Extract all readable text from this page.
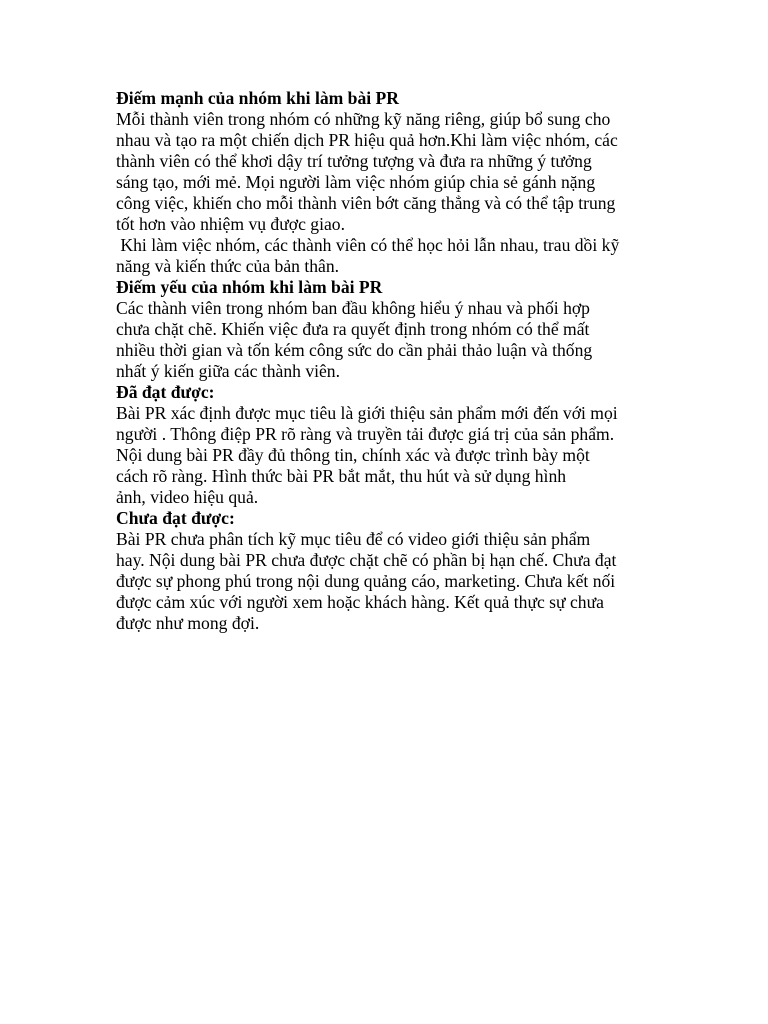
Điếm mạnh của nhóm khi làm bài PR

Mỗi thành viên trong nhóm có những kỹ năng riêng, giúp bổ sung cho
nhau và tạo ra một chiến dịch PR hiệu quả hơn.Khi làm việc nhóm, các
thành viên có thể khơi dậy trí tưởng tượng và đưa ra những ý tưởng
sáng tạo, mới mẻ. Mọi người làm việc nhóm giúp chia sẻ gánh nặng
công việc, khiến cho mỗi thành viên bớt căng thẳng và có thể tập trung
tốt hơn vào nhiệm vụ được giao.
Khi làm việc nhóm, các thành viên có thể học hỏi lẫn nhau, trau dồi kỹ
năng và kiến thức của bản thân.

Điếm yếu của nhóm khi làm bài PR

Các thành viên trong nhóm ban đầu không hiểu ý nhau và phối hợp
chưa chặt chẽ. Khiến việc đưa ra quyết định trong nhóm có thể mất
nhiều thời gian và tốn kém công sức do cần phải thảo luận và thống
nhất ý kiến giữa các thành viên.

Đã đạt được:

Bài PR xác định được mục tiêu là giới thiệu sản phẩm mới đến với mọi
người . Thông điệp PR rõ ràng và truyền tải được giá trị của sản phẩm.
Nội dung bài PR đầy đủ thông tin, chính xác và được trình bày một
cách rõ ràng. Hình thức bài PR bắt mắt, thu hút và sử dụng hình
ảnh, video hiệu quả.

Chưa đạt được:

Bài PR chưa phân tích kỹ mục tiêu để có video giới thiệu sản phẩm
hay. Nội dung bài PR chưa được chặt chẽ có phần bị hạn chế. Chưa đạt
được sự phong phú trong nội dung quảng cáo, marketing. Chưa kết nối
được cảm xúc với người xem hoặc khách hàng. Kết quả thực sự chưa
được như mong đợi.
